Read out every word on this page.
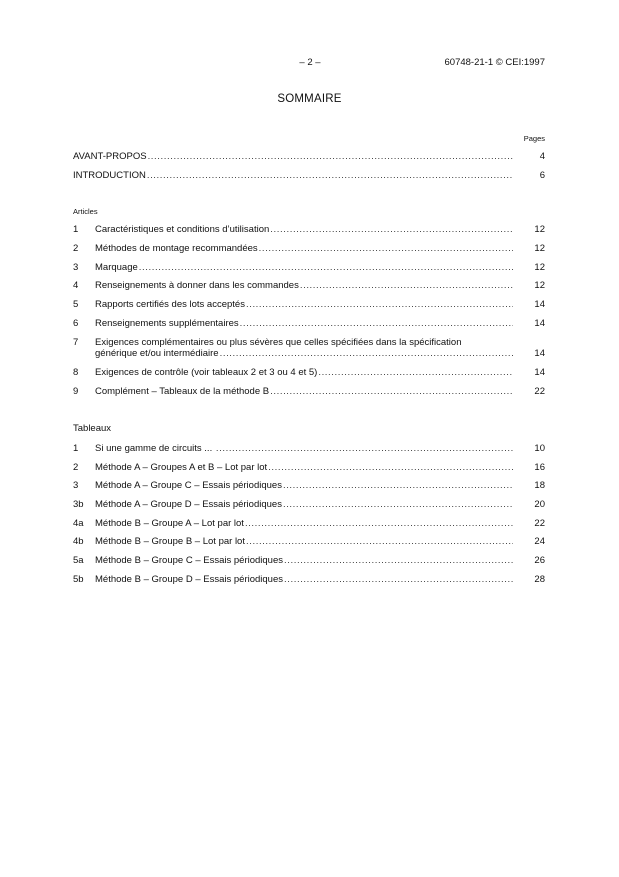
– 2 –	60748-21-1 © CEI:1997
SOMMAIRE
Pages
AVANT-PROPOS .....	4
INTRODUCTION .....	6
Articles
1 Caractéristiques et conditions d’utilisation .....	12
2 Méthodes de montage recommandées .....	12
3 Marquage .....	12
4 Renseignements à donner dans les commandes .....	12
5 Rapports certifiés des lots acceptés .....	14
6 Renseignements supplémentaires .....	14
7 Exigences complémentaires ou plus sévères que celles spécifiées dans la spécification
générique et/ou intermédiaire .....	14
8 Exigences de contrôle (voir tableaux 2 et 3 ou 4 et 5) .....	14
9 Complément – Tableaux de la méthode B .....	22
Tableaux
1 Si une gamme de circuits ... .....	10
2 Méthode A – Groupes A et B – Lot par lot .....	16
3 Méthode A – Groupe C – Essais périodiques .....	18
3b Méthode A – Groupe D – Essais périodiques .....	20
4a Méthode B – Groupe A – Lot par lot .....	22
4b Méthode B – Groupe B – Lot par lot .....	24
5a Méthode B – Groupe C – Essais périodiques .....	26
5b Méthode B – Groupe D – Essais périodiques .....	28
